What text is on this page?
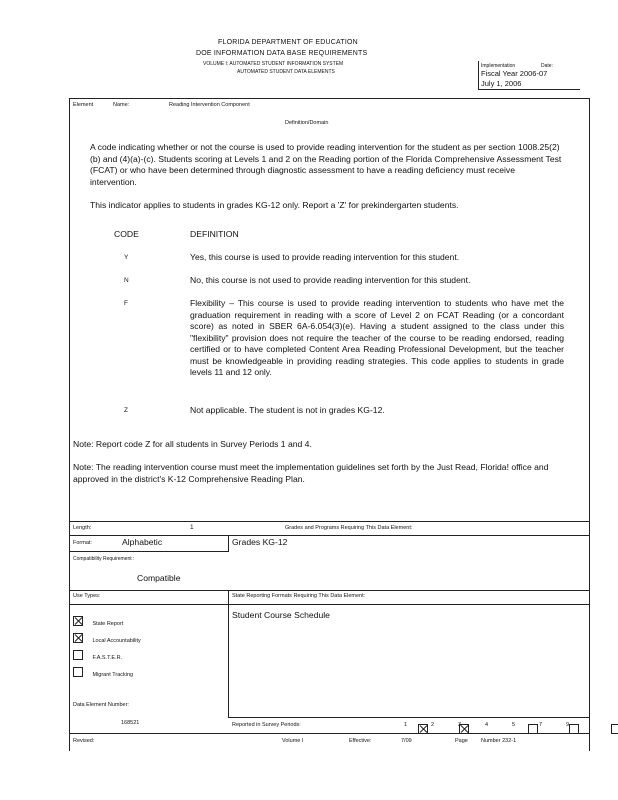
FLORIDA DEPARTMENT OF EDUCATION
DOE INFORMATION DATA BASE REQUIREMENTS
VOLUME I: AUTOMATED STUDENT INFORMATION SYSTEM
AUTOMATED STUDENT DATA ELEMENTS
Implementation	Date:
Fiscal Year 2006-07
July 1, 2006
Element	Name:	Reading Intervention Component
Definition/Domain
A code indicating whether or not the course is used to provide reading intervention for the student as per section 1008.25(2)(b) and (4)(a)-(c). Students scoring at Levels 1 and 2 on the Reading portion of the Florida Comprehensive Assessment Test (FCAT) or who have been determined through diagnostic assessment to have a reading deficiency must receive intervention.
This indicator applies to students in grades KG-12 only. Report a 'Z' for prekindergarten students.
CODE	DEFINITION
Y	Yes, this course is used to provide reading intervention for this student.
N	No, this course is not used to provide reading intervention for this student.
F	Flexibility – This course is used to provide reading intervention to students who have met the graduation requirement in reading with a score of Level 2 on FCAT Reading (or a concordant score) as noted in SBER 6A-6.054(3)(e). Having a student assigned to the class under this "flexibility" provision does not require the teacher of the course to be reading endorsed, reading certified or to have completed Content Area Reading Professional Development, but the teacher must be knowledgeable in providing reading strategies. This code applies to students in grade levels 11 and 12 only.
Z	Not applicable. The student is not in grades KG-12.
Note: Report code Z for all students in Survey Periods 1 and 4.
Note: The reading intervention course must meet the implementation guidelines set forth by the Just Read, Florida! office and approved in the district's K-12 Comprehensive Reading Plan.
Length:	1	Grades and Programs Requiring This Data Element:
Format:	Alphabetic	Grades KG-12
Compatibility Requirement :
Compatible
Use Types:	State Reporting Formats Requiring This Data Element:
Student Course Schedule
State Report
Local Accountability
F.A.S.T.E.R.
Migrant Tracking
Data Element Number:
168521	Reported in Survey Periods:	1
	2
	3	4
	5
	7	9
Revised:	Volume I	Effective:	7/09	Page Number 232-1
